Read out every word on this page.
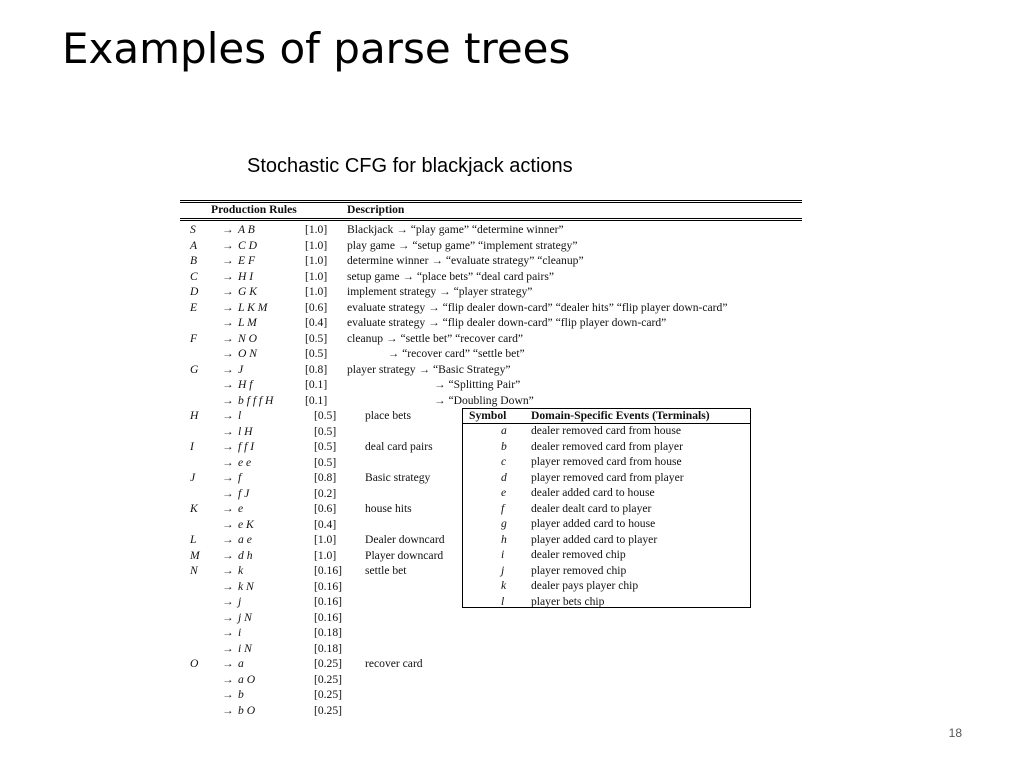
Examples of parse trees
Stochastic CFG for blackjack actions
Production Rules	Description
S → A B	[1.0] Blackjack → “play game” “determine winner”
A → C D	[1.0] play game → “setup game” “implement strategy”
B → E F	[1.0] determine winner → “evaluate strategy” “cleanup”
C → H I	[1.0] setup game → “place bets” “deal card pairs”
D → G K	[1.0] implement strategy → “player strategy”
E → L K M	[0.6] evaluate strategy → “flip dealer down-card” “dealer hits” “flip player down-card”
→ L M	[0.4] evaluate strategy → “flip dealer down-card” “flip player down-card”
F → N O	[0.5] cleanup → “settle bet” “recover card”
→ O N	[0.5] → “recover card” “settle bet”
G → J	[0.8] player strategy → “Basic Strategy”
→ H f	[0.1] → “Splitting Pair”
→ b f f f H	[0.1] → “Doubling Down”
H → l	[0.5] place bets
→ l H	[0.5]
I → f f I	[0.5] deal card pairs
→ e e	[0.5]
J → f	[0.8] Basic strategy
→ f J	[0.2]
K → e	[0.6] house hits
→ e K	[0.4]
L → a e	[1.0] Dealer downcard
M → d h	[1.0] Player downcard
N → k	[0.16] settle bet
→ k N	[0.16]
→ j	[0.16]
→ j N	[0.16]
→ i	[0.18]
→ i N	[0.18]
O → a	[0.25] recover card
→ a O	[0.25]
→ b	[0.25]
→ b O	[0.25]
Symbol Domain-Specific Events (Terminals)
a dealer removed card from house
b dealer removed card from player
c player removed card from house
d player removed card from player
e dealer added card to house
f dealer dealt card to player
g player added card to house
h player added card to player
i dealer removed chip
j player removed chip
k dealer pays player chip
l player bets chip
18
